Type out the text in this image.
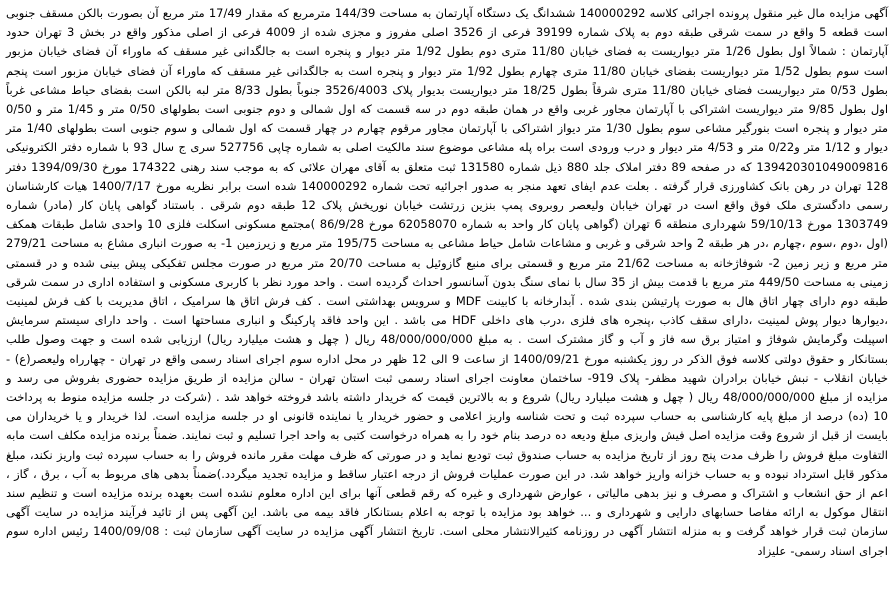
آگهی مزایده مال غیر منقول پرونده اجرائی کلاسه 140000292 ششدانگ یک دستگاه آپارتمان به مساحت 144/39 مترمربع که مقدار 17/49 متر مربع آن بصورت بالکن مسقف جنوبی است قطعه 5 واقع در سمت شرقی طبقه دوم به پلاک شماره 39199 فرعی از 3526 اصلی مفروز و مجزی شده از 4009 فرعی از اصلی مذکور واقع در بخش 3 تهران حدود آپارتمان : شمالاً اول بطول 1/26 متر دیواریست به فضای خیابان 11/80 متری دوم بطول 1/92 متر دیوار و پنجره است به جالگدانی غیر مسقف که ماوراء آن فضای خیابان مزبور است سوم بطول 1/52 متر دیواریست بفضای خیابان 11/80 متری چهارم بطول 1/92 متر دیوار و پنجره است به جالگدانی غیر مسقف که ماوراء آن فضای خیابان مزبور است پنجم بطول 0/53 متر دیواریست فضای خیابان 11/80 متری شرقاً بطول 18/25 متر دیواریست بدیوار پلاک 3526/4003 جنوباً بطول 8/33 متر لبه بالکن است بفضای حیاط مشاعی غرباً اول بطول 9/85 متر دیواریست اشتراکی با آپارتمان مجاور غربی واقع در همان طبقه دوم در سه قسمت که اول شمالی و دوم جنوبی است بطولهای 0/50 متر و 1/45 متر و 0/50 متر دیوار و پنجره است بنورگیر مشاعی سوم بطول 1/30 متر دیواز اشتراکی با آپارتمان مجاور مرقوم چهارم در چهار قسمت که اول شمالی و سوم جنوبی است بطولهای 1/40 متر دیوار و 1/12 متر و0/22 متر و 4/53 متر دیوار و درب ورودی است براه پله مشاعی موضوع سند مالکیت اصلی به شماره چاپی 527756 سری ج سال 93 با شماره دفتر الکترونیکی 139420301049009816 که در صفحه 89 دفتر املاک جلد 880 ذیل شماره 131580 ثبت متعلق به آقای مهران علائی که به موجب سند رهنی 174322 مورخ 1394/09/30 دفتر 128 تهران در رهن بانک کشاورزی قرار گرفته . بعلت عدم ایفای تعهد منجر به صدور اجرائیه تحت شماره 140000292 شده است برابر نظریه مورخ 1400/7/17 هیات کارشناسان رسمی دادگستری ملک فوق واقع است در تهران خیابان ولیعصر روبروی پمپ بنزین زرتشت خیابان نوریخش پلاک 12 طبقه دوم شرقی . باستناد گواهی پایان کار (مادر) شماره 1303749 مورخ 59/10/13 شهرداری منطقه 6 تهران (گواهی پایان کار واحد به شماره 62058070 مورخ 86/9/28 )مجتمع مسکونی اسکلت فلزی 10 واحدی شامل طبقات همکف (اول ،دوم ،سوم ،چهارم ،در هر طبقه 2 واحد شرقی و غربی و مشاعات شامل حیاط مشاعی به مساحت 195/75 متر مربع و زیرزمین 1- به صورت انباری مشاع به مساحت 279/21 متر مربع و زیر زمین 2- شوفاژخانه به مساحت 21/62 متر مربع و قسمتی برای منبع گازوئیل به مساحت 20/70 متر مربع در صورت مجلس تفکیکی پیش بینی شده و در قسمتی زمینی به مساحت 449/50 متر مربع با قدمت بیش از 35 سال با نمای سنگ بدون آسانسور احداث گردیده است . واحد مورد نظر با کاربری مسکونی و استفاده اداری در سمت شرقی طبقه دوم دارای چهار اتاق هال به صورت پارتیشن بندی شده . آبدارخانه با کابینت MDF و سرویس بهداشتی است . کف فرش اتاق ها سرامیک ، اتاق مدیریت با کف فرش لمینیت ،دیوارها دیوار پوش لمینیت ،دارای سقف کاذب ،پنجره های فلزی ،درب های داخلی HDF می باشد . این واحد فاقد پارکینگ و انباری مساحتها است . واحد دارای سیستم سرمایش اسپیلت وگرمایش شوفاژ و امتیاز برق سه فاز و آب و گاز مشترک است . به مبلغ 48/000/000/000 ریال ( چهل و هشت میلیارد ریال) ارزیابی شده است و جهت وصول طلب بستانکار و حقوق دولتی کلاسه فوق الذکر در روز یکشنبه مورخ 1400/09/21 از ساعت 9 الی 12 ظهر در محل اداره سوم اجرای اسناد رسمی واقع در تهران - چهارراه ولیعصر(ع) - خیابان انقلاب - نبش خیابان برادران شهید مظفر- پلاک 919- ساختمان معاونت اجرای اسناد رسمی ثبت استان تهران - سالن مزایده از طریق مزایده حضوری بفروش می رسد و مزایده از مبلغ 48/000/000/000 ریال ( چهل و هشت میلیارد ریال) شروع و به بالاترین قیمت که خریدار داشته باشد فروخته خواهد شد . (شرکت در جلسه مزایده منوط به پرداخت 10 (ده) درصد از مبلغ پایه کارشناسی به حساب سپرده ثبت و تحت شناسه واریز اعلامی و حضور خریدار یا نماینده قانونی او در جلسه مزایده است. لذا خریدار و یا خریداران می بایست از قبل از شروع وقت مزایده اصل فیش واریزی مبلغ ودیعه ده درصد بنام خود را به همراه درخواست کتبی به واحد اجرا تسلیم و ثبت نمایند. ضمناً برنده مزایده مکلف است مابه التفاوت مبلغ فروش را ظرف مدت پنج روز از تاریخ مزایده به حساب صندوق ثبت تودیع نماید و در صورتی که ظرف مهلت مقرر مانده فروش را به حساب سپرده ثبت واریز نکند، مبلغ مذکور قابل استرداد نبوده و به حساب خزانه واریز خواهد شد. در این صورت عملیات فروش از درجه اعتبار ساقط و مزایده تجدید میگردد.)ضمناً بدهی های مربوط به آب ، برق ، گاز ، اعم از حق انشعاب و اشتراک و مصرف و نیز بدهی مالیاتی ، عوارض شهرداری و غیره که رقم قطعی آنها برای این اداره معلوم نشده است بعهده برنده مزایده است و تنظیم سند انتقال موکول به ارائه مفاصا حسابهای دارایی و شهرداری و ... خواهد بود مزایده با توجه به اعلام بستانکار فاقد بیمه می باشد. این آگهی پس از تائید فرآیند مزایده در سایت آگهی سازمان ثبت قرار خواهد گرفت و به منزله انتشار آگهی در روزنامه کثیرالانتشار محلی است. تاریخ انتشار آگهی مزایده در سایت آگهی سازمان ثبت : 1400/09/08 رئیس اداره سوم اجرای اسناد رسمی- علیزاد
